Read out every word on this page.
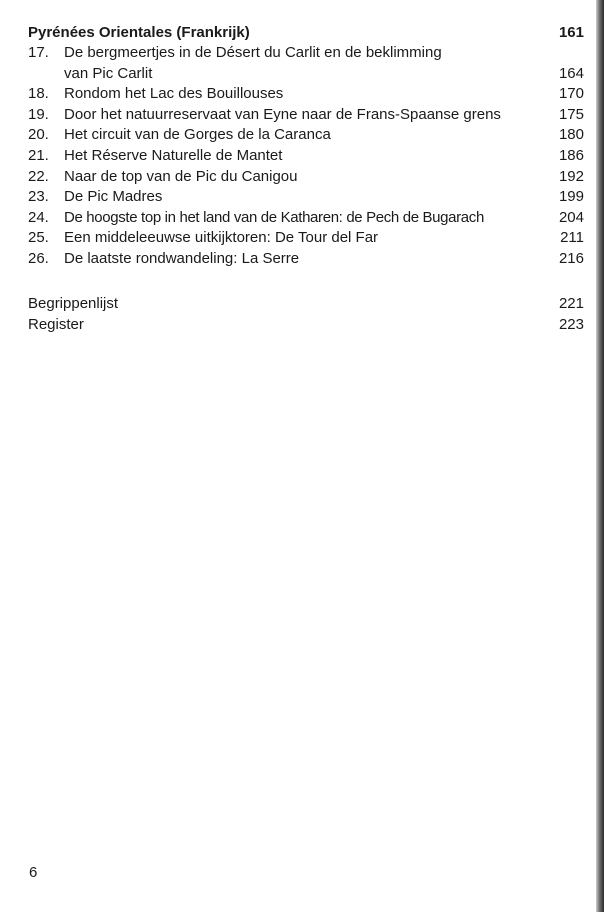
Pyrénées Orientales (Frankrijk)	161
17.	De bergmeertjes in de Désert du Carlit en de beklimming
van Pic Carlit	164
18.	Rondom het Lac des Bouillouses	170
19.	Door het natuurreservaat van Eyne naar de Frans-Spaanse grens	175
20.	Het circuit van de Gorges de la Caranca	180
21.	Het Réserve Naturelle de Mantet	186
22.	Naar de top van de Pic du Canigou	192
23.	De Pic Madres	199
24.	De hoogste top in het land van de Katharen: de Pech de Bugarach	204
25.	Een middeleeuwse uitkijktoren: De Tour del Far	211
26.	De laatste rondwandeling: La Serre	216
Begrippenlijst	221
Register	223
6
